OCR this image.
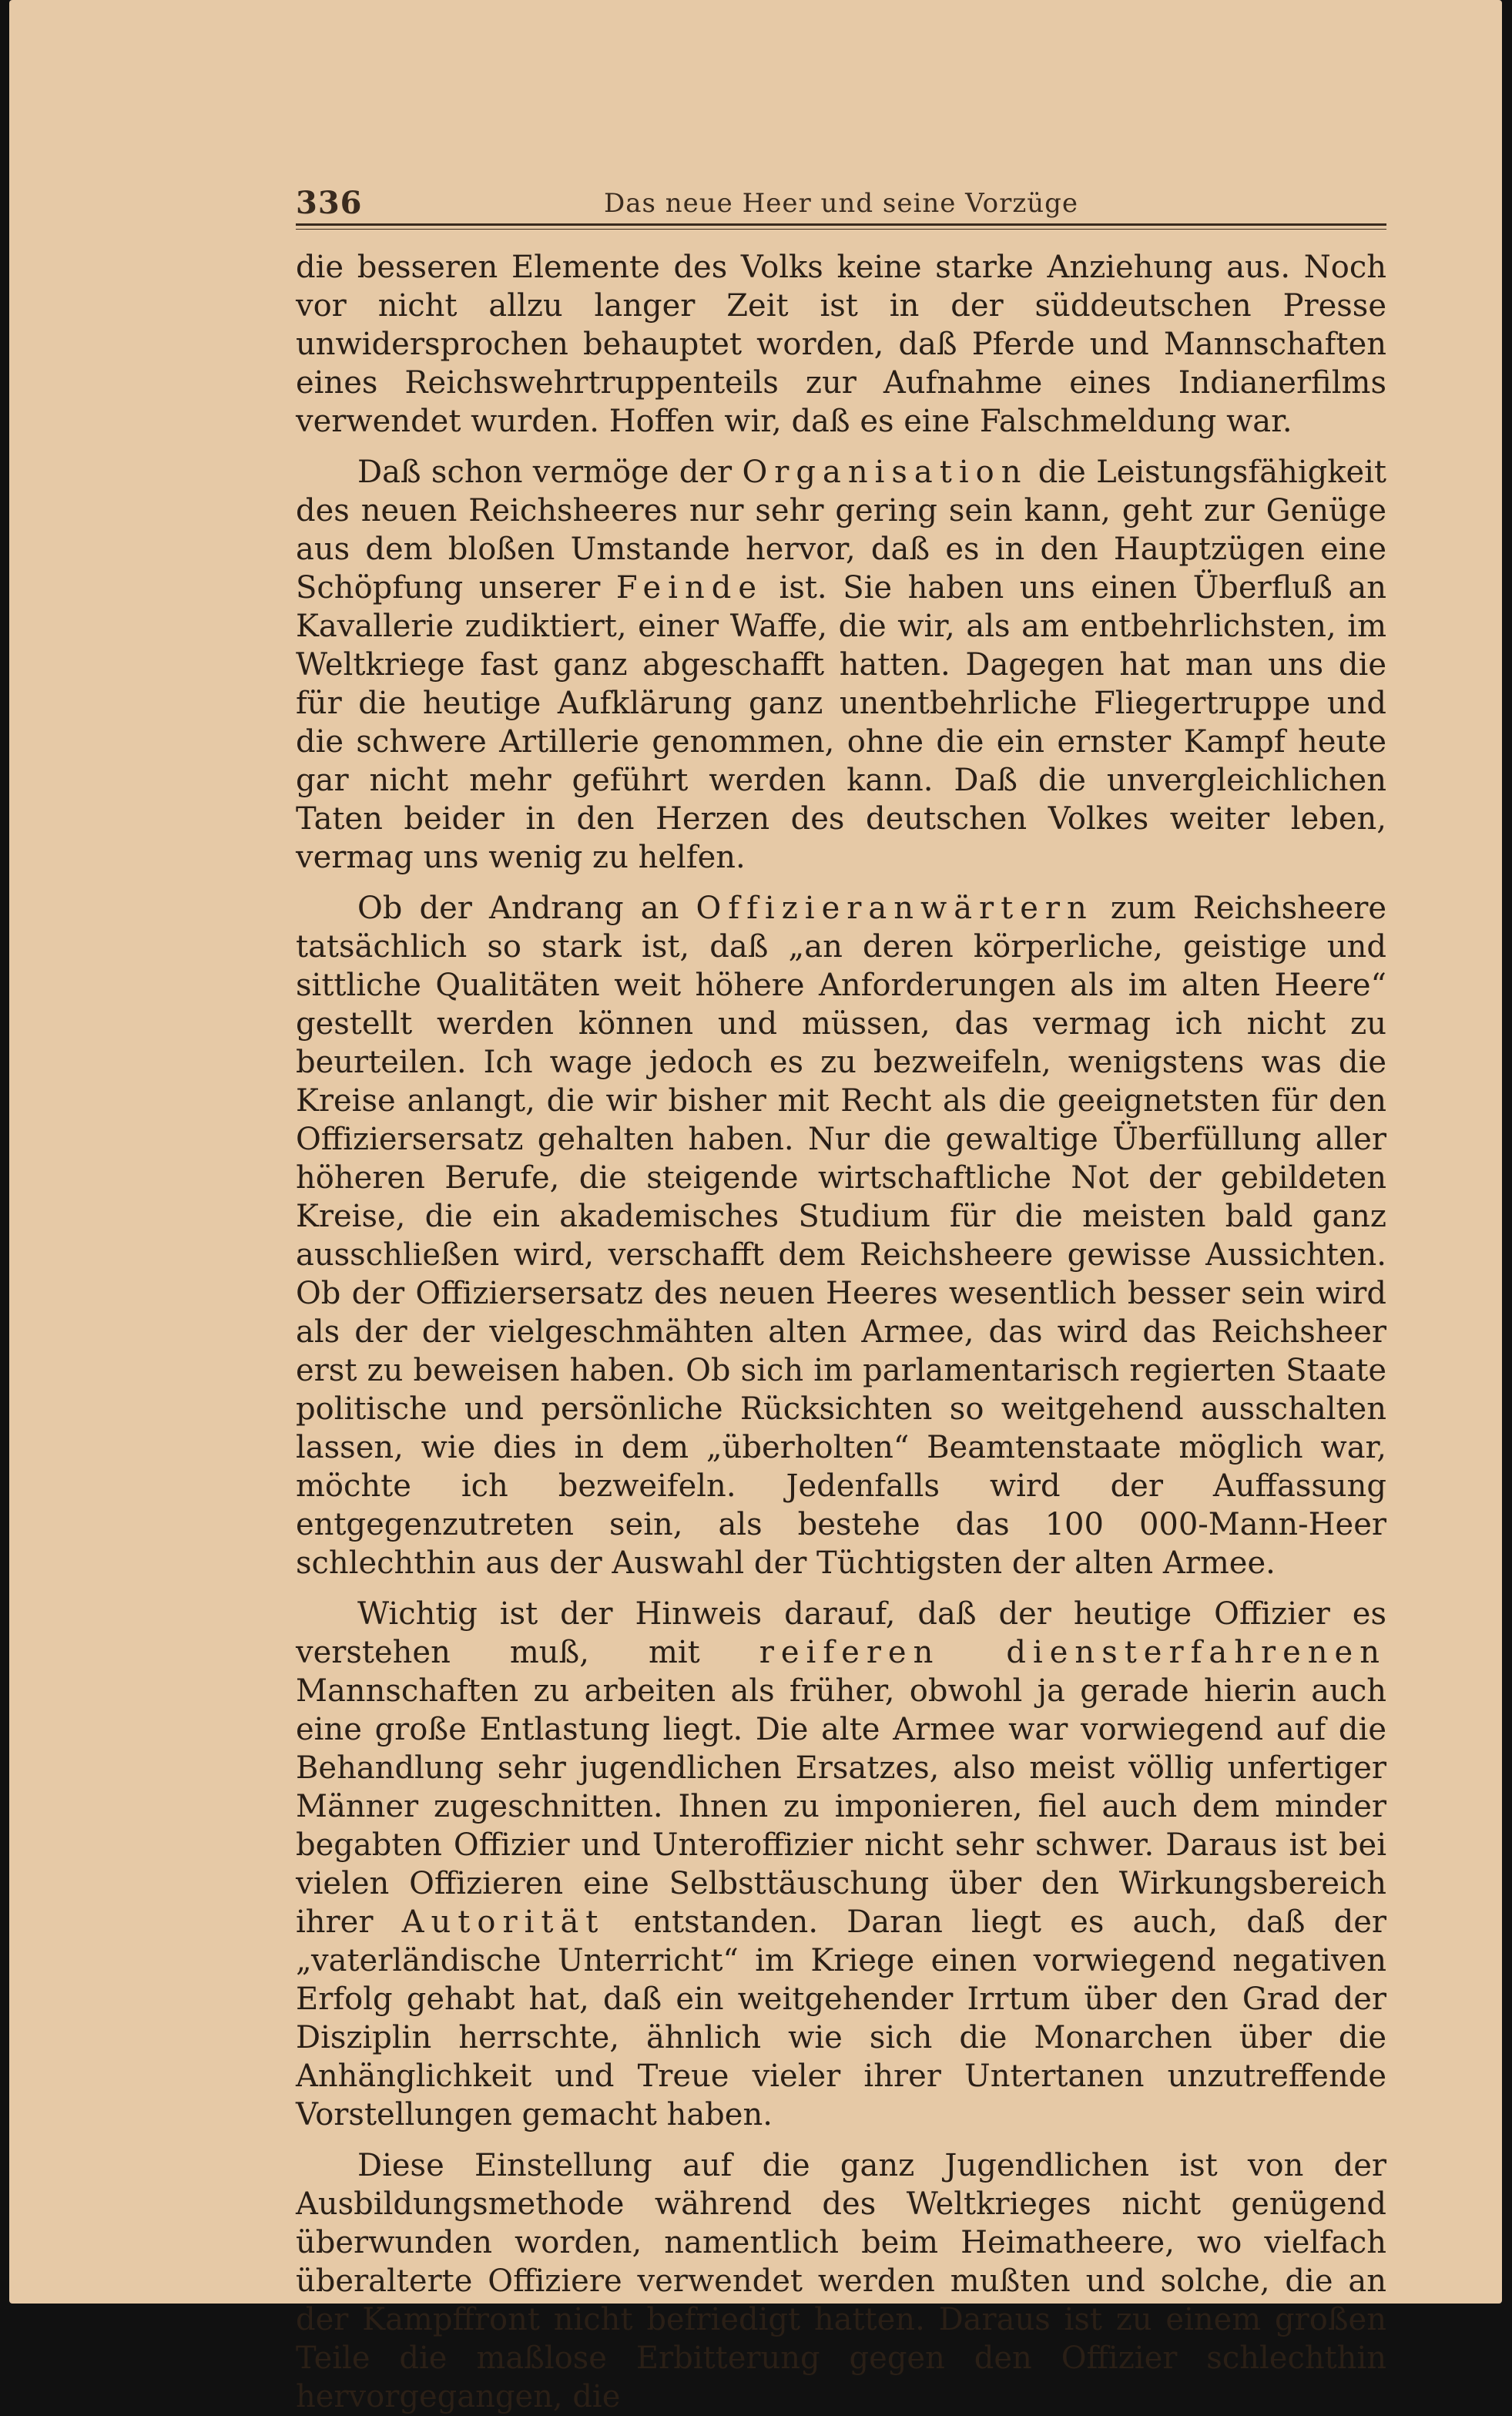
336	Das neue Heer und seine Vorzüge

die besseren Elemente des Volks keine starke Anziehung aus. Noch vor nicht allzu langer Zeit ist in der süddeutschen Presse unwidersprochen behauptet worden, daß Pferde und Mannschaften eines Reichswehrtruppenteils zur Aufnahme eines Indianerfilms verwendet wurden. Hoffen wir, daß es eine Falschmeldung war.

Daß schon vermöge der Organisation die Leistungsfähigkeit des neuen Reichsheeres nur sehr gering sein kann, geht zur Genüge aus dem bloßen Umstande hervor, daß es in den Hauptzügen eine Schöpfung unserer Feinde ist. Sie haben uns einen Überfluß an Kavallerie zudiktiert, einer Waffe, die wir, als am entbehrlichsten, im Weltkriege fast ganz abgeschafft hatten. Dagegen hat man uns die für die heutige Aufklärung ganz unentbehrliche Fliegertruppe und die schwere Artillerie genommen, ohne die ein ernster Kampf heute gar nicht mehr geführt werden kann. Daß die unvergleichlichen Taten beider in den Herzen des deutschen Volkes weiter leben, vermag uns wenig zu helfen.

Ob der Andrang an Offizieranwärtern zum Reichsheere tatsächlich so stark ist, daß „an deren körperliche, geistige und sittliche Qualitäten weit höhere Anforderungen als im alten Heere“ gestellt werden können und müssen, das vermag ich nicht zu beurteilen. Ich wage jedoch es zu bezweifeln, wenigstens was die Kreise anlangt, die wir bisher mit Recht als die geeignetsten für den Offiziersersatz gehalten haben. Nur die gewaltige Überfüllung aller höheren Berufe, die steigende wirtschaftliche Not der gebildeten Kreise, die ein akademisches Studium für die meisten bald ganz ausschließen wird, verschafft dem Reichsheere gewisse Aussichten. Ob der Offiziersersatz des neuen Heeres wesentlich besser sein wird als der der vielgeschmähten alten Armee, das wird das Reichsheer erst zu beweisen haben. Ob sich im parlamentarisch regierten Staate politische und persönliche Rücksichten so weitgehend ausschalten lassen, wie dies in dem „überholten“ Beamtenstaate möglich war, möchte ich bezweifeln. Jedenfalls wird der Auffassung entgegenzutreten sein, als bestehe das 100 000-Mann-Heer schlechthin aus der Auswahl der Tüchtigsten der alten Armee.

Wichtig ist der Hinweis darauf, daß der heutige Offizier es verstehen muß, mit reiferen diensterfahrenen Mannschaften zu arbeiten als früher, obwohl ja gerade hierin auch eine große Entlastung liegt. Die alte Armee war vorwiegend auf die Behandlung sehr jugendlichen Ersatzes, also meist völlig unfertiger Männer zugeschnitten. Ihnen zu imponieren, fiel auch dem minder begabten Offizier und Unteroffizier nicht sehr schwer. Daraus ist bei vielen Offizieren eine Selbsttäuschung über den Wirkungsbereich ihrer Autorität entstanden. Daran liegt es auch, daß der „vaterländische Unterricht“ im Kriege einen vorwiegend negativen Erfolg gehabt hat, daß ein weitgehender Irrtum über den Grad der Disziplin herrschte, ähnlich wie sich die Monarchen über die Anhänglichkeit und Treue vieler ihrer Untertanen unzutreffende Vorstellungen gemacht haben.

Diese Einstellung auf die ganz Jugendlichen ist von der Ausbildungsmethode während des Weltkrieges nicht genügend überwunden worden, namentlich beim Heimatheere, wo vielfach überalterte Offiziere verwendet werden mußten und solche, die an der Kampffront nicht befriedigt hatten. Daraus ist zu einem großen Teile die maßlose Erbitterung gegen den Offizier schlechthin hervorgegangen, die
